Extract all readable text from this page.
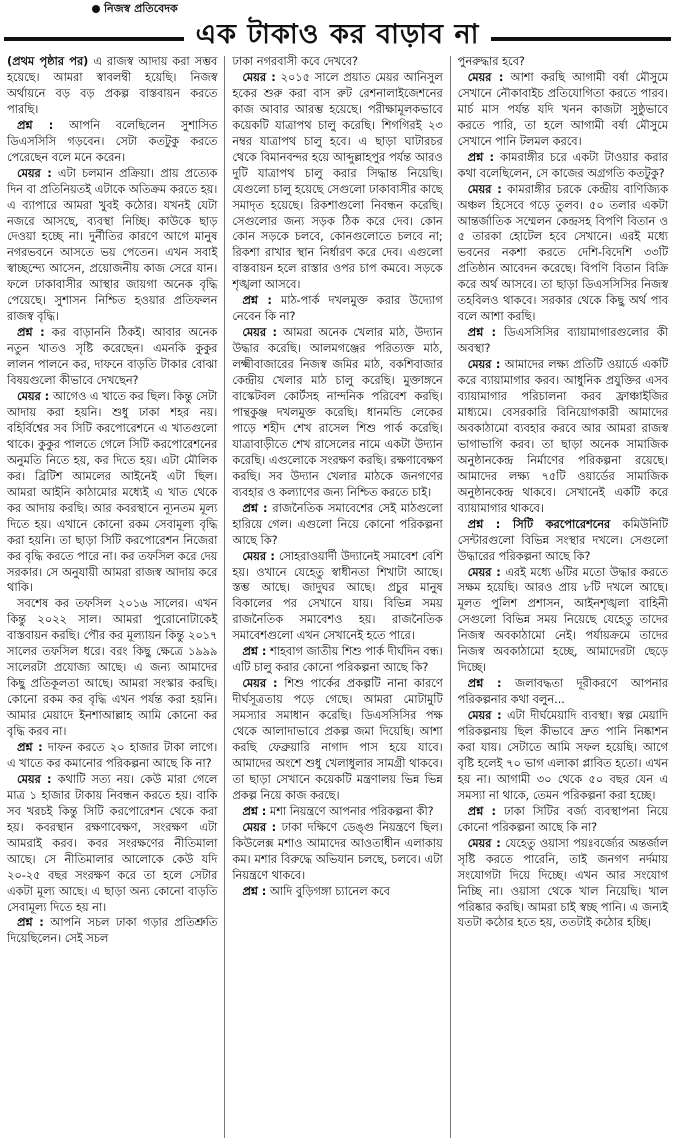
নিজস্ব প্রতিবেদক
এক টাকাও কর বাড়াব না

(প্রথম পৃষ্ঠার পর) এ রাজস্ব আদায় করা সম্ভব হয়েছে। আমরা স্বাবলম্বী হয়েছি। নিজস্ব অর্থায়নে বড় বড় প্রকল্প বাস্তবায়ন করতে পারছি।

প্রশ্ন : আপনি বলেছিলেন সুশাসিত ডিএসসিসি গড়বেন। সেটা কতটুকু করতে পেরেছেন বলে মনে করেন।

মেয়র : এটা চলমান প্রক্রিয়া। প্রায় প্রত্যেক দিন বা প্রতিনিয়তই এটাকে অতিক্রম করতে হয়। এ ব্যাপারে আমরা খুবই কঠোর। যখনই যেটা নজরে আসছে, ব্যবস্থা নিচ্ছি। কাউকে ছাড় দেওয়া হচ্ছে না। দুর্নীতির কারণে আগে মানুষ নগরভবনে আসতে ভয় পেতেন। এখন সবাই স্বাচ্ছন্দ্যে আসেন, প্রয়োজনীয় কাজ সেরে যান। ফলে ঢাকাবাসীর আস্থার জায়গা অনেক বৃদ্ধি পেয়েছে। সুশাসন নিশ্চিত হওয়ার প্রতিফলন রাজস্ব বৃদ্ধি।

প্রশ্ন : কর বাড়াননি ঠিকই। আবার অনেক নতুন খাতও সৃষ্টি করেছেন। এমনকি কুকুর লালন পালনে কর, দাফনে বাড়তি টাকার বোঝা বিষয়গুলো কীভাবে দেখছেন?

মেয়র : আগেও এ খাতে কর ছিল। কিন্তু সেটা আদায় করা হয়নি। শুধু ঢাকা শহর নয়। বহির্বিশ্বের সব সিটি করপোরেশনে এ খাতগুলো থাকে। কুকুর পালতে গেলে সিটি করপোরেশনের অনুমতি নিতে হয়, কর দিতে হয়। এটা মৌলিক কর। ব্রিটিশ আমলের আইনেই এটা ছিল। আমরা আইনি কাঠামোর মধ্যেই এ খাত থেকে কর আদায় করছি। আর কবরস্থানে ন্যূনতম মূল্য দিতে হয়। এখানে কোনো রকম সেবামূল্য বৃদ্ধি করা হয়নি। তা ছাড়া সিটি করপোরেশন নিজেরা কর বৃদ্ধি করতে পারে না। কর তফসিল করে দেয় সরকার। সে অনুযায়ী আমরা রাজস্ব আদায় করে থাকি।

সবশেষ কর তফসিল ২০১৬ সালের। এখন কিন্তু ২০২২ সাল। আমরা পুরোনোটাকেই বাস্তবায়ন করছি। পৌর কর মূল্যায়ন কিন্তু ২০১৭ সালের তফসিল ধরে। বরং কিছু ক্ষেত্রে ১৯৯৯ সালেরটা প্রযোজ্য আছে। এ জন্য আমাদের কিছু প্রতিকূলতা আছে। আমরা সংস্কার করছি। কোনো রকম কর বৃদ্ধি এখন পর্যন্ত করা হয়নি। আমার মেয়াদে ইনশাআল্লাহ আমি কোনো কর বৃদ্ধি করব না।

প্রশ্ন : দাফন করতে ২০ হাজার টাকা লাগে। এ খাতে কর কমানোর পরিকল্পনা আছে কি না?

মেয়র : কথাটি সত্য নয়। কেউ মারা গেলে মাত্র ১ হাজার টাকায় নিবন্ধন করতে হয়। বাকি সব খরচই কিন্তু সিটি করপোরেশন থেকে করা হয়। কবরস্থান রক্ষণাবেক্ষণ, সংরক্ষণ এটা আমরাই করব। কবর সংরক্ষণের নীতিমালা আছে। সে নীতিমালার আলোকে কেউ যদি ২০-২৫ বছর সংরক্ষণ করে তা হলে সেটার একটা মূল্য আছে। এ ছাড়া অন্য কোনো বাড়তি সেবামূল্য দিতে হয় না।

প্রশ্ন : আপনি সচল ঢাকা গড়ার প্রতিশ্রুতি দিয়েছিলেন। সেই সচল

ঢাকা নগরবাসী কবে দেখবে?

মেয়র : ২০১৫ সালে প্রয়াত মেয়র আনিসুল হকের শুরু করা বাস রুট রেশনালাইজেশনের কাজ আবার আরম্ভ হয়েছে। পরীক্ষামূলকভাবে কয়েকটি যাত্রাপথ চালু করেছি। শিগগিরই ২৩ নম্বর যাত্রাপথ চালু হবে। এ ছাড়া ঘাটারচর থেকে বিমানবন্দর হয়ে আব্দুল্লাহপুর পর্যন্ত আরও দুটি যাত্রাপথ চালু করার সিদ্ধান্ত নিয়েছি। যেগুলো চালু হয়েছে সেগুলো ঢাকাবাসীর কাছে সমাদৃত হয়েছে। রিকশাগুলো নিবন্ধন করেছি। সেগুলোর জন্য সড়ক ঠিক করে দেব। কোন কোন সড়কে চলবে, কোনগুলোতে চলবে না; রিকশা রাখার স্থান নির্ধারণ করে দেব। এগুলো বাস্তবায়ন হলে রাস্তার ওপর চাপ কমবে। সড়কে শৃঙ্খলা আসবে।

প্রশ্ন : মাঠ-পার্ক দখলমুক্ত করার উদ্যোগ নেবেন কি না?

মেয়র : আমরা অনেক খেলার মাঠ, উদ্যান উদ্ধার করেছি। আলমগঞ্জের পরিত্যক্ত মাঠ, লক্ষ্মীবাজারের নিজস্ব জমির মাঠ, বকশিবাজার কেন্দ্রীয় খেলার মাঠ চালু করেছি। মুক্তাঙ্গনে বাস্কেটবল কোর্টসহ নান্দনিক পরিবেশ করছি। পান্থকুঞ্জ দখলমুক্ত করেছি। ধানমন্ডি লেকের পাড়ে শহীদ শেখ রাসেল শিশু পার্ক করেছি। যাত্রাবাড়ীতে শেখ রাসেলের নামে একটা উদ্যান করেছি। এগুলোকে সংরক্ষণ করছি। রক্ষণাবেক্ষণ করছি। সব উদ্যান খেলার মাঠকে জনগণের ব্যবহার ও কল্যাণের জন্য নিশ্চিত করতে চাই।

প্রশ্ন : রাজনৈতিক সমাবেশের সেই মাঠগুলো হারিয়ে গেল। এগুলো নিয়ে কোনো পরিকল্পনা আছে কি?

মেয়র : সোহরাওয়ার্দী উদ্যানেই সমাবেশ বেশি হয়। ওখানে যেহেতু স্বাধীনতা শিখাটা আছে। স্তম্ভ আছে। জাদুঘর আছে। প্রচুর মানুষ বিকালের পর সেখানে যায়। বিভিন্ন সময় রাজনৈতিক সমাবেশও হয়। রাজনৈতিক সমাবেশগুলো এখন সেখানেই হতে পারে।

প্রশ্ন : শাহবাগ জাতীয় শিশু পার্ক দীর্ঘদিন বন্ধ। এটি চালু করার কোনো পরিকল্পনা আছে কি?

মেয়র : শিশু পার্কের প্রকল্পটি নানা কারণে দীর্ঘসূত্রতায় পড়ে গেছে। আমরা মোটামুটি সমস্যার সমাধান করেছি। ডিএসসিসির পক্ষ থেকে আলাদাভাবে প্রকল্প জমা দিয়েছি। আশা করছি ফেব্রুয়ারি নাগাদ পাস হয়ে যাবে। আমাদের অংশে শুধু খেলাধুলার সামগ্রী থাকবে। তা ছাড়া সেখানে কয়েকটি মন্ত্রণালয় ভিন্ন ভিন্ন প্রকল্প নিয়ে কাজ করছে।

প্রশ্ন : মশা নিয়ন্ত্রণে আপনার পরিকল্পনা কী?

মেয়র : ঢাকা দক্ষিণে ডেঙ্গু নিয়ন্ত্রণে ছিল। কিউলেক্স মশাও আমাদের আওতাধীন এলাকায় কম। মশার বিরুদ্ধে অভিযান চলছে, চলবে। এটা নিয়ন্ত্রণে থাকবে।

প্রশ্ন : আদি বুড়িগঙ্গা চ্যানেল কবে

পুনরুদ্ধার হবে?

মেয়র : আশা করছি আগামী বর্ষা মৌসুমে সেখানে নৌকাবাইচ প্রতিযোগিতা করতে পারব। মার্চ মাস পর্যন্ত যদি খনন কাজটা সুষ্ঠুভাবে করতে পারি, তা হলে আগামী বর্ষা মৌসুমে সেখানে পানি টলমল করবে।

প্রশ্ন : কামরাঙ্গীর চরে একটা টাওয়ার করার কথা বলেছিলেন, সে কাজের অগ্রগতি কতটুকু?

মেয়র : কামরাঙ্গীর চরকে কেন্দ্রীয় বাণিজ্যিক অঞ্চল হিসেবে গড়ে তুলব। ৫০ তলার একটা আন্তর্জাতিক সম্মেলন কেন্দ্রসহ বিপণি বিতান ও ৫ তারকা হোটেল হবে সেখানে। এরই মধ্যে ভবনের নকশা করতে দেশি-বিদেশি ৩৩টি প্রতিষ্ঠান আবেদন করেছে। বিপণি বিতান বিক্রি করে অর্থ আসবে। তা ছাড়া ডিএসসিসির নিজস্ব তহবিলও থাকবে। সরকার থেকে কিছু অর্থ পাব বলে আশা করছি।

প্রশ্ন : ডিএসসিসির ব্যায়ামাগারগুলোর কী অবস্থা?

মেয়র : আমাদের লক্ষ্য প্রতিটি ওয়ার্ডে একটি করে ব্যায়ামাগার করব। আধুনিক প্রযুক্তির এসব ব্যায়ামাগার পরিচালনা করব ফ্রাঞ্চাইজির মাধ্যমে। বেসরকারি বিনিয়োগকারী আমাদের অবকাঠামো ব্যবহার করবে আর আমরা রাজস্ব ভাগাভাগি করব। তা ছাড়া অনেক সামাজিক অনুষ্ঠানকেন্দ্র নির্মাণের পরিকল্পনা রয়েছে। আমাদের লক্ষ্য ৭৫টি ওয়ার্ডের সামাজিক অনুষ্ঠানকেন্দ্র থাকবে। সেখানেই একটি করে ব্যায়ামাগার থাকবে।

প্রশ্ন : সিটি করপোরেশনের কমিউনিটি সেন্টারগুলো বিভিন্ন সংস্থার দখলে। সেগুলো উদ্ধারের পরিকল্পনা আছে কি?

মেয়র : এরই মধ্যে ৬টির মতো উদ্ধার করতে সক্ষম হয়েছি। আরও প্রায় ৮টি দখলে আছে। মূলত পুলিশ প্রশাসন, আইনশৃঙ্খলা বাহিনী সেগুলো বিভিন্ন সময় নিয়েছে যেহেতু তাদের নিজস্ব অবকাঠামো নেই। পর্যায়ক্রমে তাদের নিজস্ব অবকাঠামো হচ্ছে, আমাদেরটা ছেড়ে দিচ্ছে।

প্রশ্ন : জলাবদ্ধতা দূরীকরণে আপনার পরিকল্পনার কথা বলুন...

মেয়র : এটা দীর্ঘমেয়াদি ব্যবস্থা। স্বল্প মেয়াদি পরিকল্পনায় ছিল কীভাবে দ্রুত পানি নিষ্কাশন করা যায়। সেটাতে আমি সফল হয়েছি। আগে বৃষ্টি হলেই ৭০ ভাগ এলাকা প্লাবিত হতো। এখন হয় না। আগামী ৩০ থেকে ৫০ বছর যেন এ সমস্যা না থাকে, তেমন পরিকল্পনা করা হচ্ছে।

প্রশ্ন : ঢাকা সিটির বর্জ্য ব্যবস্থাপনা নিয়ে কোনো পরিকল্পনা আছে কি না?

মেয়র : যেহেতু ওয়াসা পয়ঃবর্জ্যের অন্তর্জাল সৃষ্টি করতে পারেনি, তাই জনগণ নর্দমায় সংযোগটা দিয়ে দিচ্ছে। এখন আর সংযোগ নিচ্ছি না। ওয়াসা থেকে খাল নিয়েছি। খাল পরিষ্কার করছি। আমরা চাই স্বচ্ছ পানি। এ জন্যই যতটা কঠোর হতে হয়, ততটাই কঠোর হচ্ছি।
